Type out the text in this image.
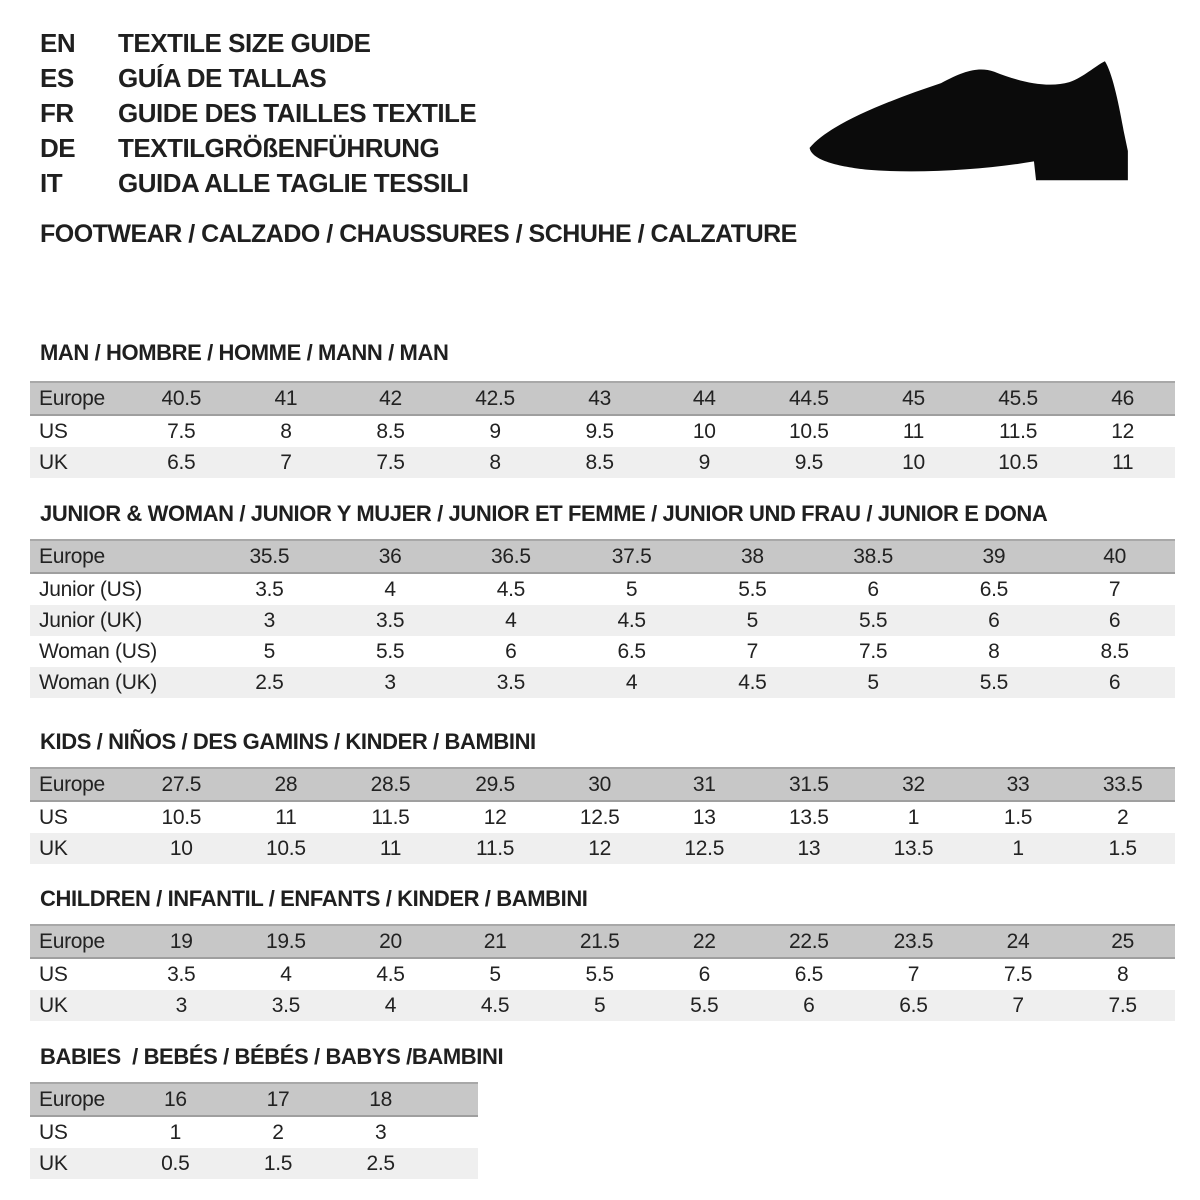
EN	TEXTILE SIZE GUIDE
ES	GUÍA DE TALLAS
FR	GUIDE DES TAILLES TEXTILE
DE	TEXTILGRÖßENFÜHRUNG
IT	GUIDA ALLE TAGLIE TESSILI
FOOTWEAR / CALZADO / CHAUSSURES / SCHUHE / CALZATURE
MAN / HOMBRE / HOMME / MANN / MAN
Europe	40.5	41	42	42.5	43	44	44.5	45	45.5	46
US	7.5	8	8.5	9	9.5	10	10.5	11	11.5	12
UK	6.5	7	7.5	8	8.5	9	9.5	10	10.5	11
JUNIOR & WOMAN / JUNIOR Y MUJER / JUNIOR ET FEMME / JUNIOR UND FRAU / JUNIOR E DONA
Europe	35.5	36	36.5	37.5	38	38.5	39	40
Junior (US)	3.5	4	4.5	5	5.5	6	6.5	7
Junior (UK)	3	3.5	4	4.5	5	5.5	6	6
Woman (US)	5	5.5	6	6.5	7	7.5	8	8.5
Woman (UK)	2.5	3	3.5	4	4.5	5	5.5	6
KIDS / NIÑOS / DES GAMINS / KINDER / BAMBINI
Europe	27.5	28	28.5	29.5	30	31	31.5	32	33	33.5
US	10.5	11	11.5	12	12.5	13	13.5	1	1.5	2
UK	10	10.5	11	11.5	12	12.5	13	13.5	1	1.5
CHILDREN / INFANTIL / ENFANTS / KINDER / BAMBINI
Europe	19	19.5	20	21	21.5	22	22.5	23.5	24	25
US	3.5	4	4.5	5	5.5	6	6.5	7	7.5	8
UK	3	3.5	4	4.5	5	5.5	6	6.5	7	7.5
BABIES  / BEBÉS / BÉBÉS / BABYS /BAMBINI
Europe	16	17	18	
US	1	2	3	
UK	0.5	1.5	2.5	
